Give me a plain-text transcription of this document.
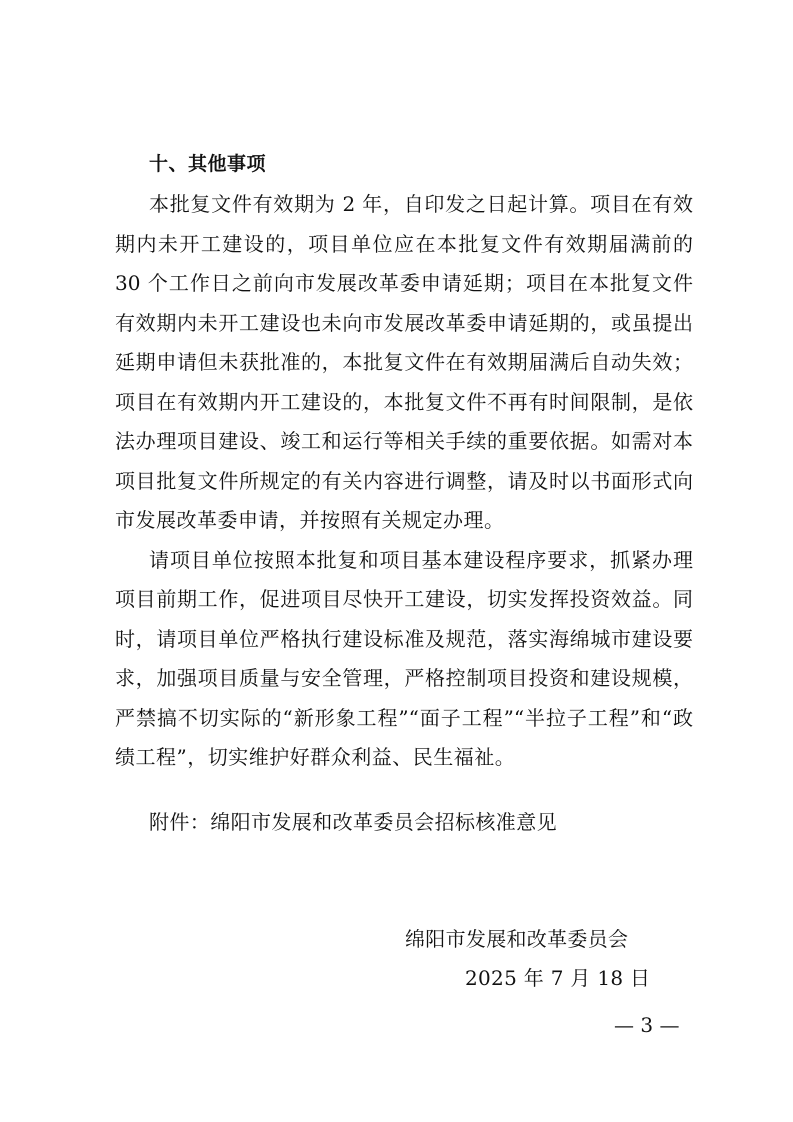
十、其他事项
本批复文件有效期为 2 年，自印发之日起计算。项目在有效
期内未开工建设的，项目单位应在本批复文件有效期届满前的
30 个工作日之前向市发展改革委申请延期；项目在本批复文件
有效期内未开工建设也未向市发展改革委申请延期的，或虽提出
延期申请但未获批准的，本批复文件在有效期届满后自动失效；
项目在有效期内开工建设的，本批复文件不再有时间限制，是依
法办理项目建设、竣工和运行等相关手续的重要依据。如需对本
项目批复文件所规定的有关内容进行调整，请及时以书面形式向
市发展改革委申请，并按照有关规定办理。
请项目单位按照本批复和项目基本建设程序要求，抓紧办理
项目前期工作，促进项目尽快开工建设，切实发挥投资效益。同
时，请项目单位严格执行建设标准及规范，落实海绵城市建设要
求，加强项目质量与安全管理，严格控制项目投资和建设规模，
严禁搞不切实际的“新形象工程”“面子工程”“半拉子工程”和“政
绩工程”，切实维护好群众利益、民生福祉。
附件：绵阳市发展和改革委员会招标核准意见
绵阳市发展和改革委员会
2025 年 7 月 18 日
— 3 —
